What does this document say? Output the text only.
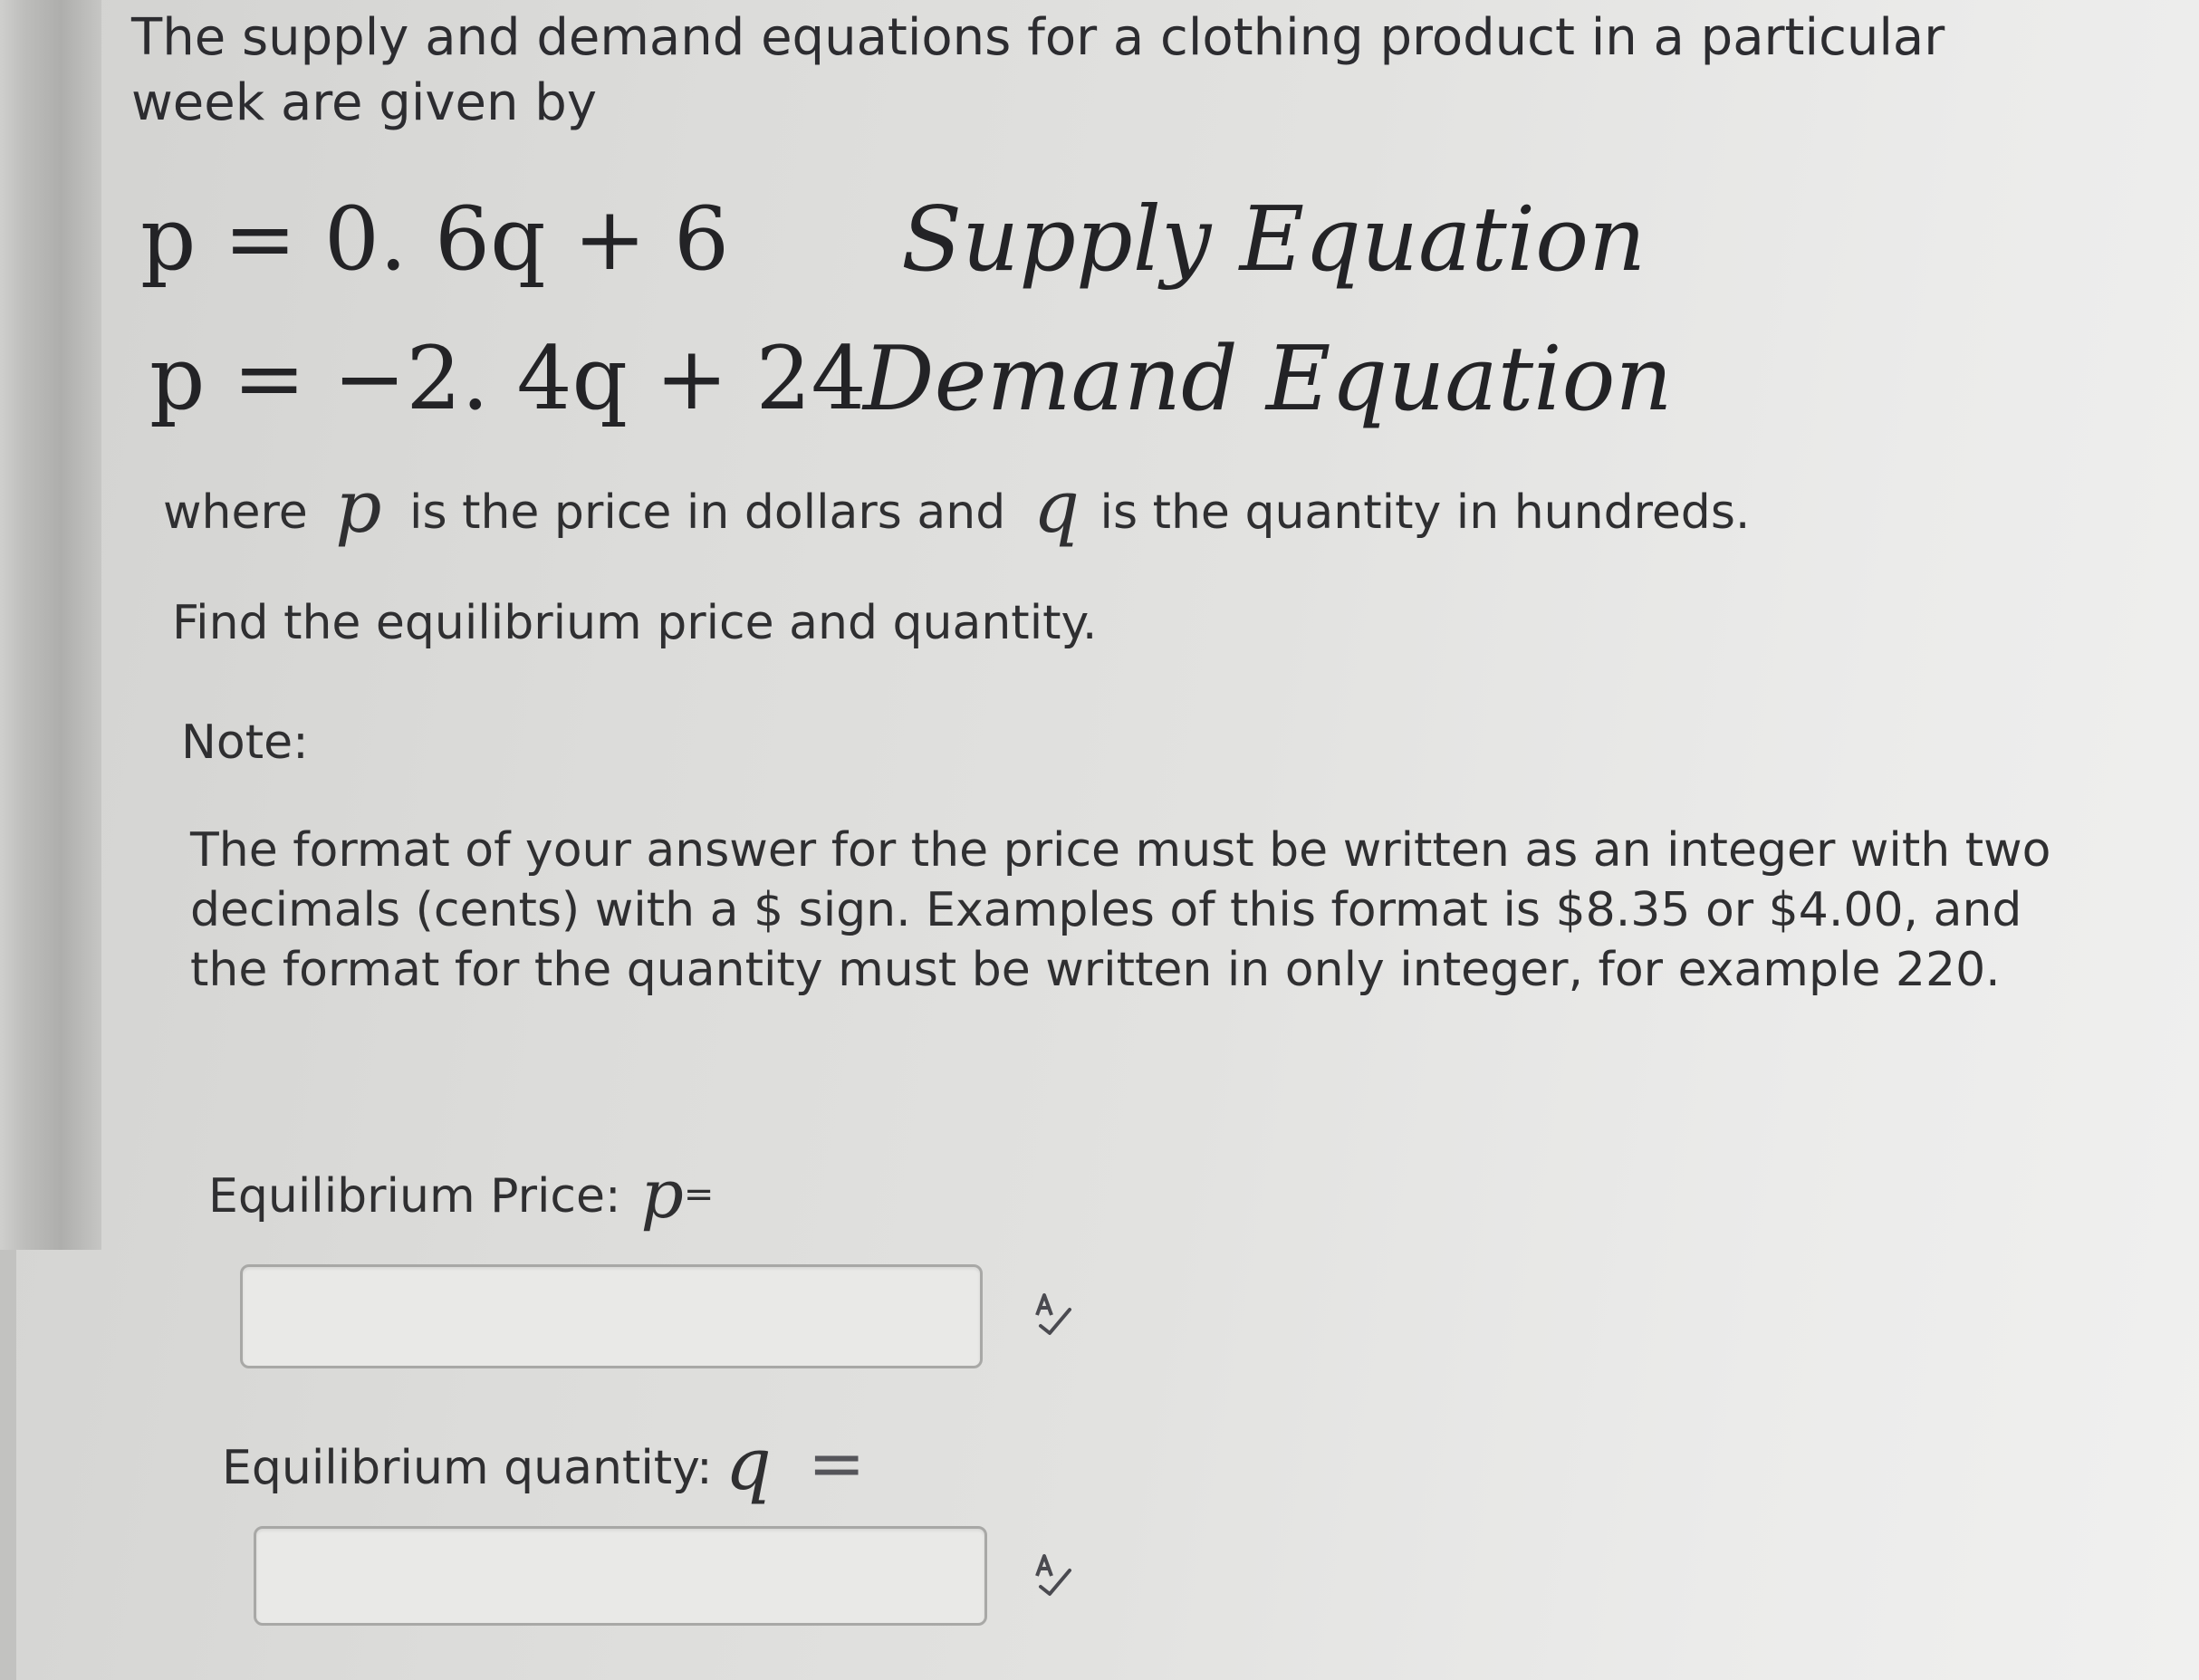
The supply and demand equations for a clothing product in a particular week are given by
p = 0. 6q + 6 Supply Equation
p = −2. 4q + 24
Demand Equation
where p is the price in dollars and q is the quantity in hundreds.
Find the equilibrium price and quantity.
Note:
The format of your answer for the price must be written as an integer with two decimals (cents) with a $ sign. Examples of this format is $8.35 or $4.00, and the format for the quantity must be written in only integer, for example 220.
Equilibrium Price: p=
Equilibrium quantity: q =
